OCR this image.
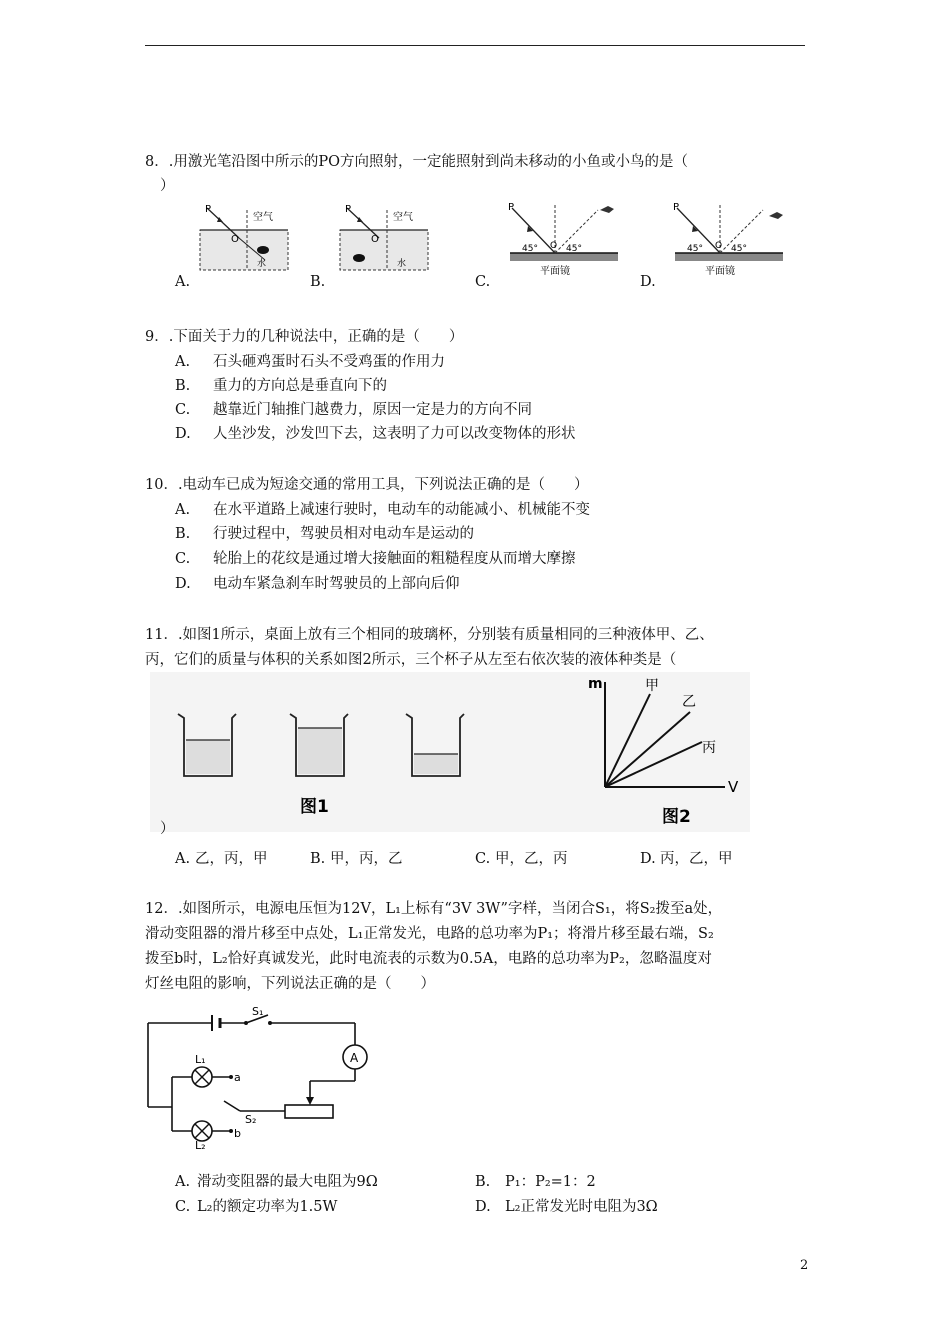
8．.用激光笔沿图中所示的PO方向照射，一定能照射到尚未移动的小鱼或小鸟的是（
）
P
O
空气
水
P
O
空气
水
P
O
45°	45°
平面镜
P
O
45°	45°
平面镜
A.	B.	C.	D.
9．.下面关于力的几种说法中，正确的是（　　）
A. 石头砸鸡蛋时石头不受鸡蛋的作用力
B. 重力的方向总是垂直向下的
C. 越靠近门轴推门越费力，原因一定是力的方向不同
D. 人坐沙发，沙发凹下去，这表明了力可以改变物体的形状
10．.电动车已成为短途交通的常用工具，下列说法正确的是（　　）
A. 在水平道路上减速行驶时，电动车的动能减小、机械能不变
B. 行驶过程中，驾驶员相对电动车是运动的
C. 轮胎上的花纹是通过增大接触面的粗糙程度从而增大摩擦
D. 电动车紧急刹车时驾驶员的上部向后仰
11．.如图1所示，桌面上放有三个相同的玻璃杯，分别装有质量相同的三种液体甲、乙、
丙，它们的质量与体积的关系如图2所示，三个杯子从左至右依次装的液体种类是（
图1
m
V
甲
乙
丙
图2
）
A. 乙，丙，甲	B. 甲，丙，乙	C. 甲，乙，丙	D. 丙，乙，甲
12．.如图所示，电源电压恒为12V，L₁上标有“3V 3W”字样，当闭合S₁，将S₂拨至a处，
滑动变阻器的滑片移至中点处，L₁正常发光，电路的总功率为P₁；将滑片移至最右端，S₂
拨至b时，L₂恰好真诚发光，此时电流表的示数为0.5A，电路的总功率为P₂，忽略温度对
灯丝电阻的影响，下列说法正确的是（　　）
S₁
A
L₁
a
L₂
b
S₂
A. 滑动变阻器的最大电阻为9Ω	B. P₁：P₂=1：2
C. L₂的额定功率为1.5W	D. L₂正常发光时电阻为3Ω
2
